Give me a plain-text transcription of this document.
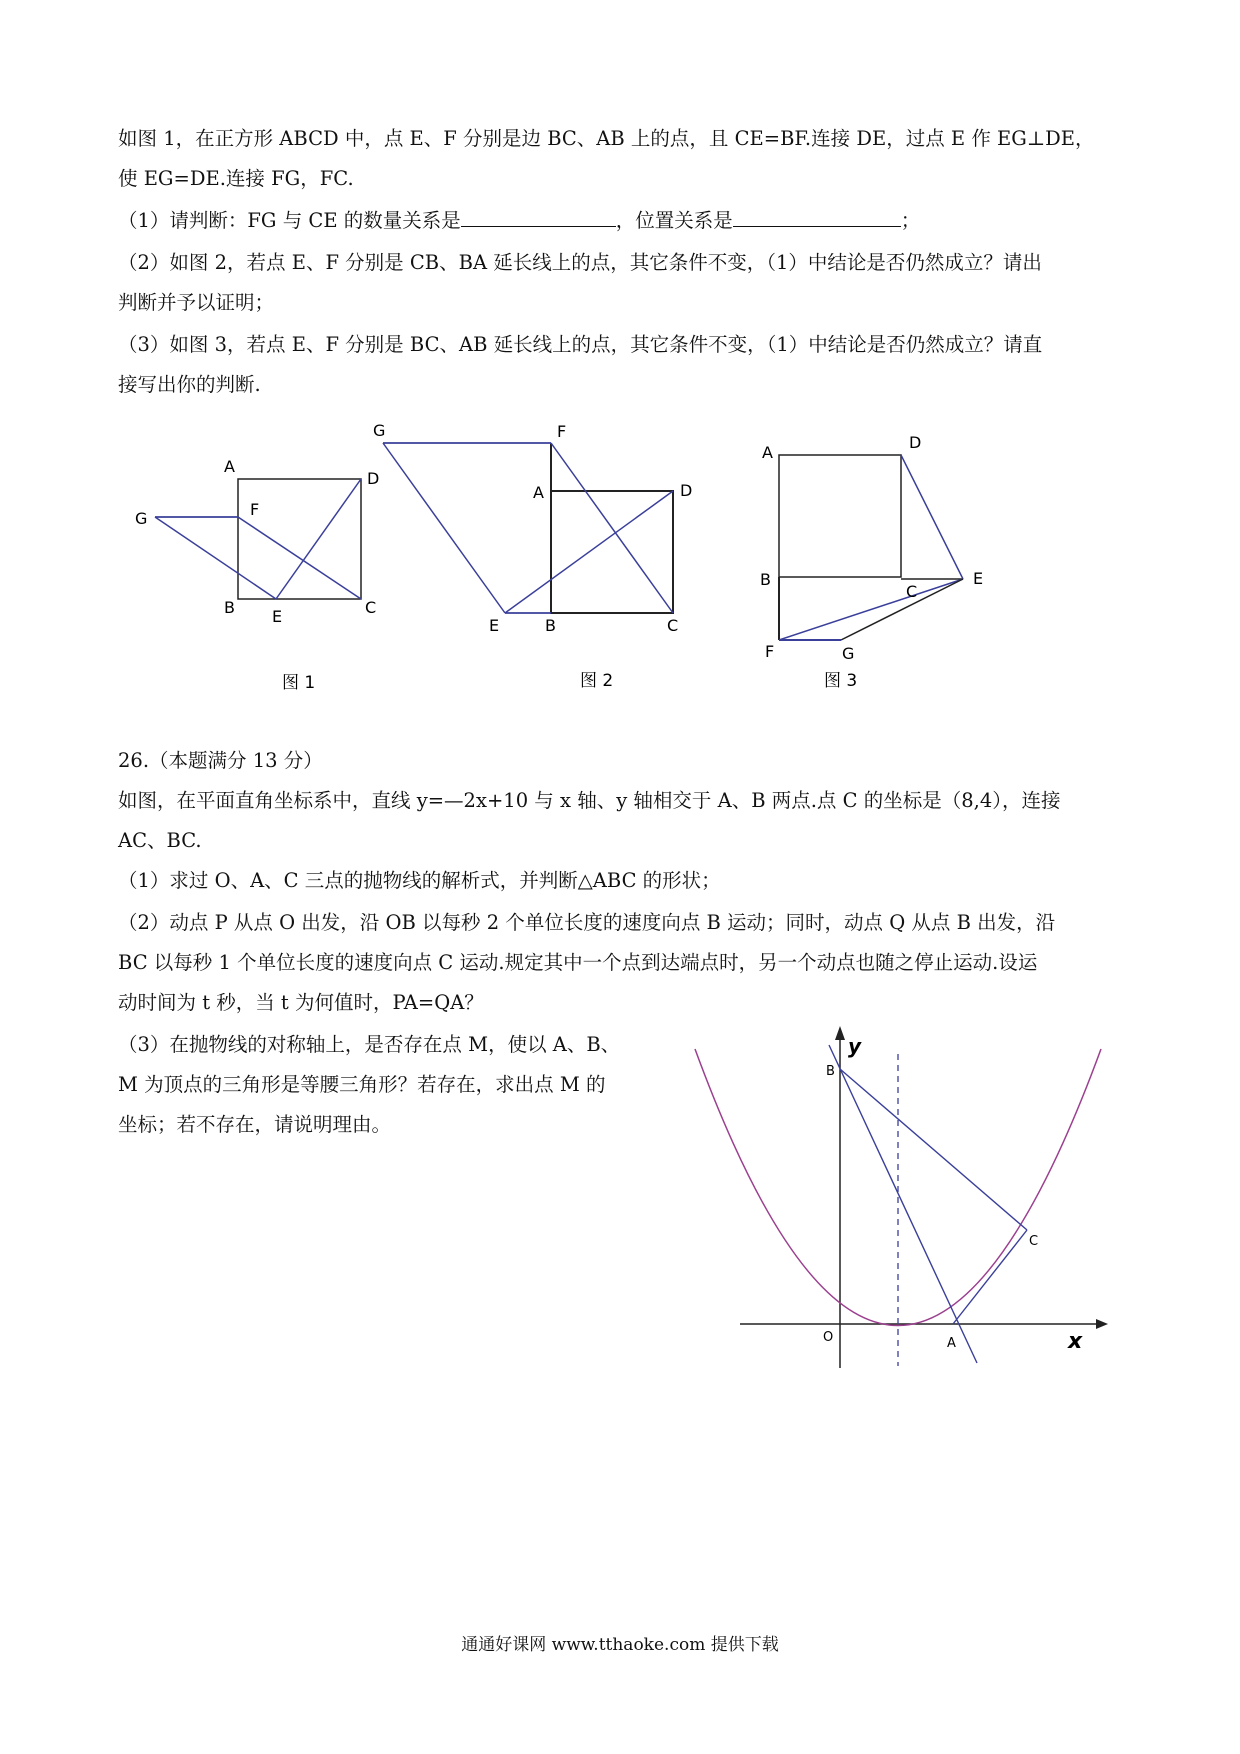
如图 1，在正方形 ABCD 中，点 E、F 分别是边 BC、AB 上的点，且 CE=BF.连接 DE，过点 E 作 EG⊥DE，
使 EG=DE.连接 FG，FC.
（1）请判断：FG 与 CE 的数量关系是	，位置关系是	；
（2）如图 2，若点 E、F 分别是 CB、BA 延长线上的点，其它条件不变，（1）中结论是否仍然成立？请出
判断并予以证明；
（3）如图 3，若点 E、F 分别是 BC、AB 延长线上的点，其它条件不变，（1）中结论是否仍然成立？请直
接写出你的判断.
A
D
G	F
B E	C
图 1
G	F
A	D
E	B	C
图 2
A
D
B
C
E
F	G
图 3
26.（本题满分 13 分）
如图，在平面直角坐标系中，直线 y=—2x+10 与 x 轴、y 轴相交于 A、B 两点.点 C 的坐标是（8,4），连接
AC、BC.
（1）求过 O、A、C 三点的抛物线的解析式，并判断△ABC 的形状；
（2）动点 P 从点 O 出发，沿 OB 以每秒 2 个单位长度的速度向点 B 运动；同时，动点 Q 从点 B 出发，沿
BC 以每秒 1 个单位长度的速度向点 C 运动.规定其中一个点到达端点时，另一个动点也随之停止运动.设运
动时间为 t 秒，当 t 为何值时，PA=QA？
（3）在抛物线的对称轴上，是否存在点 M，使以 A、B、
M 为顶点的三角形是等腰三角形？若存在，求出点 M 的
坐标；若不存在，请说明理由。
y
x
O	A
B
C
通通好课网 www.tthaoke.com 提供下载
